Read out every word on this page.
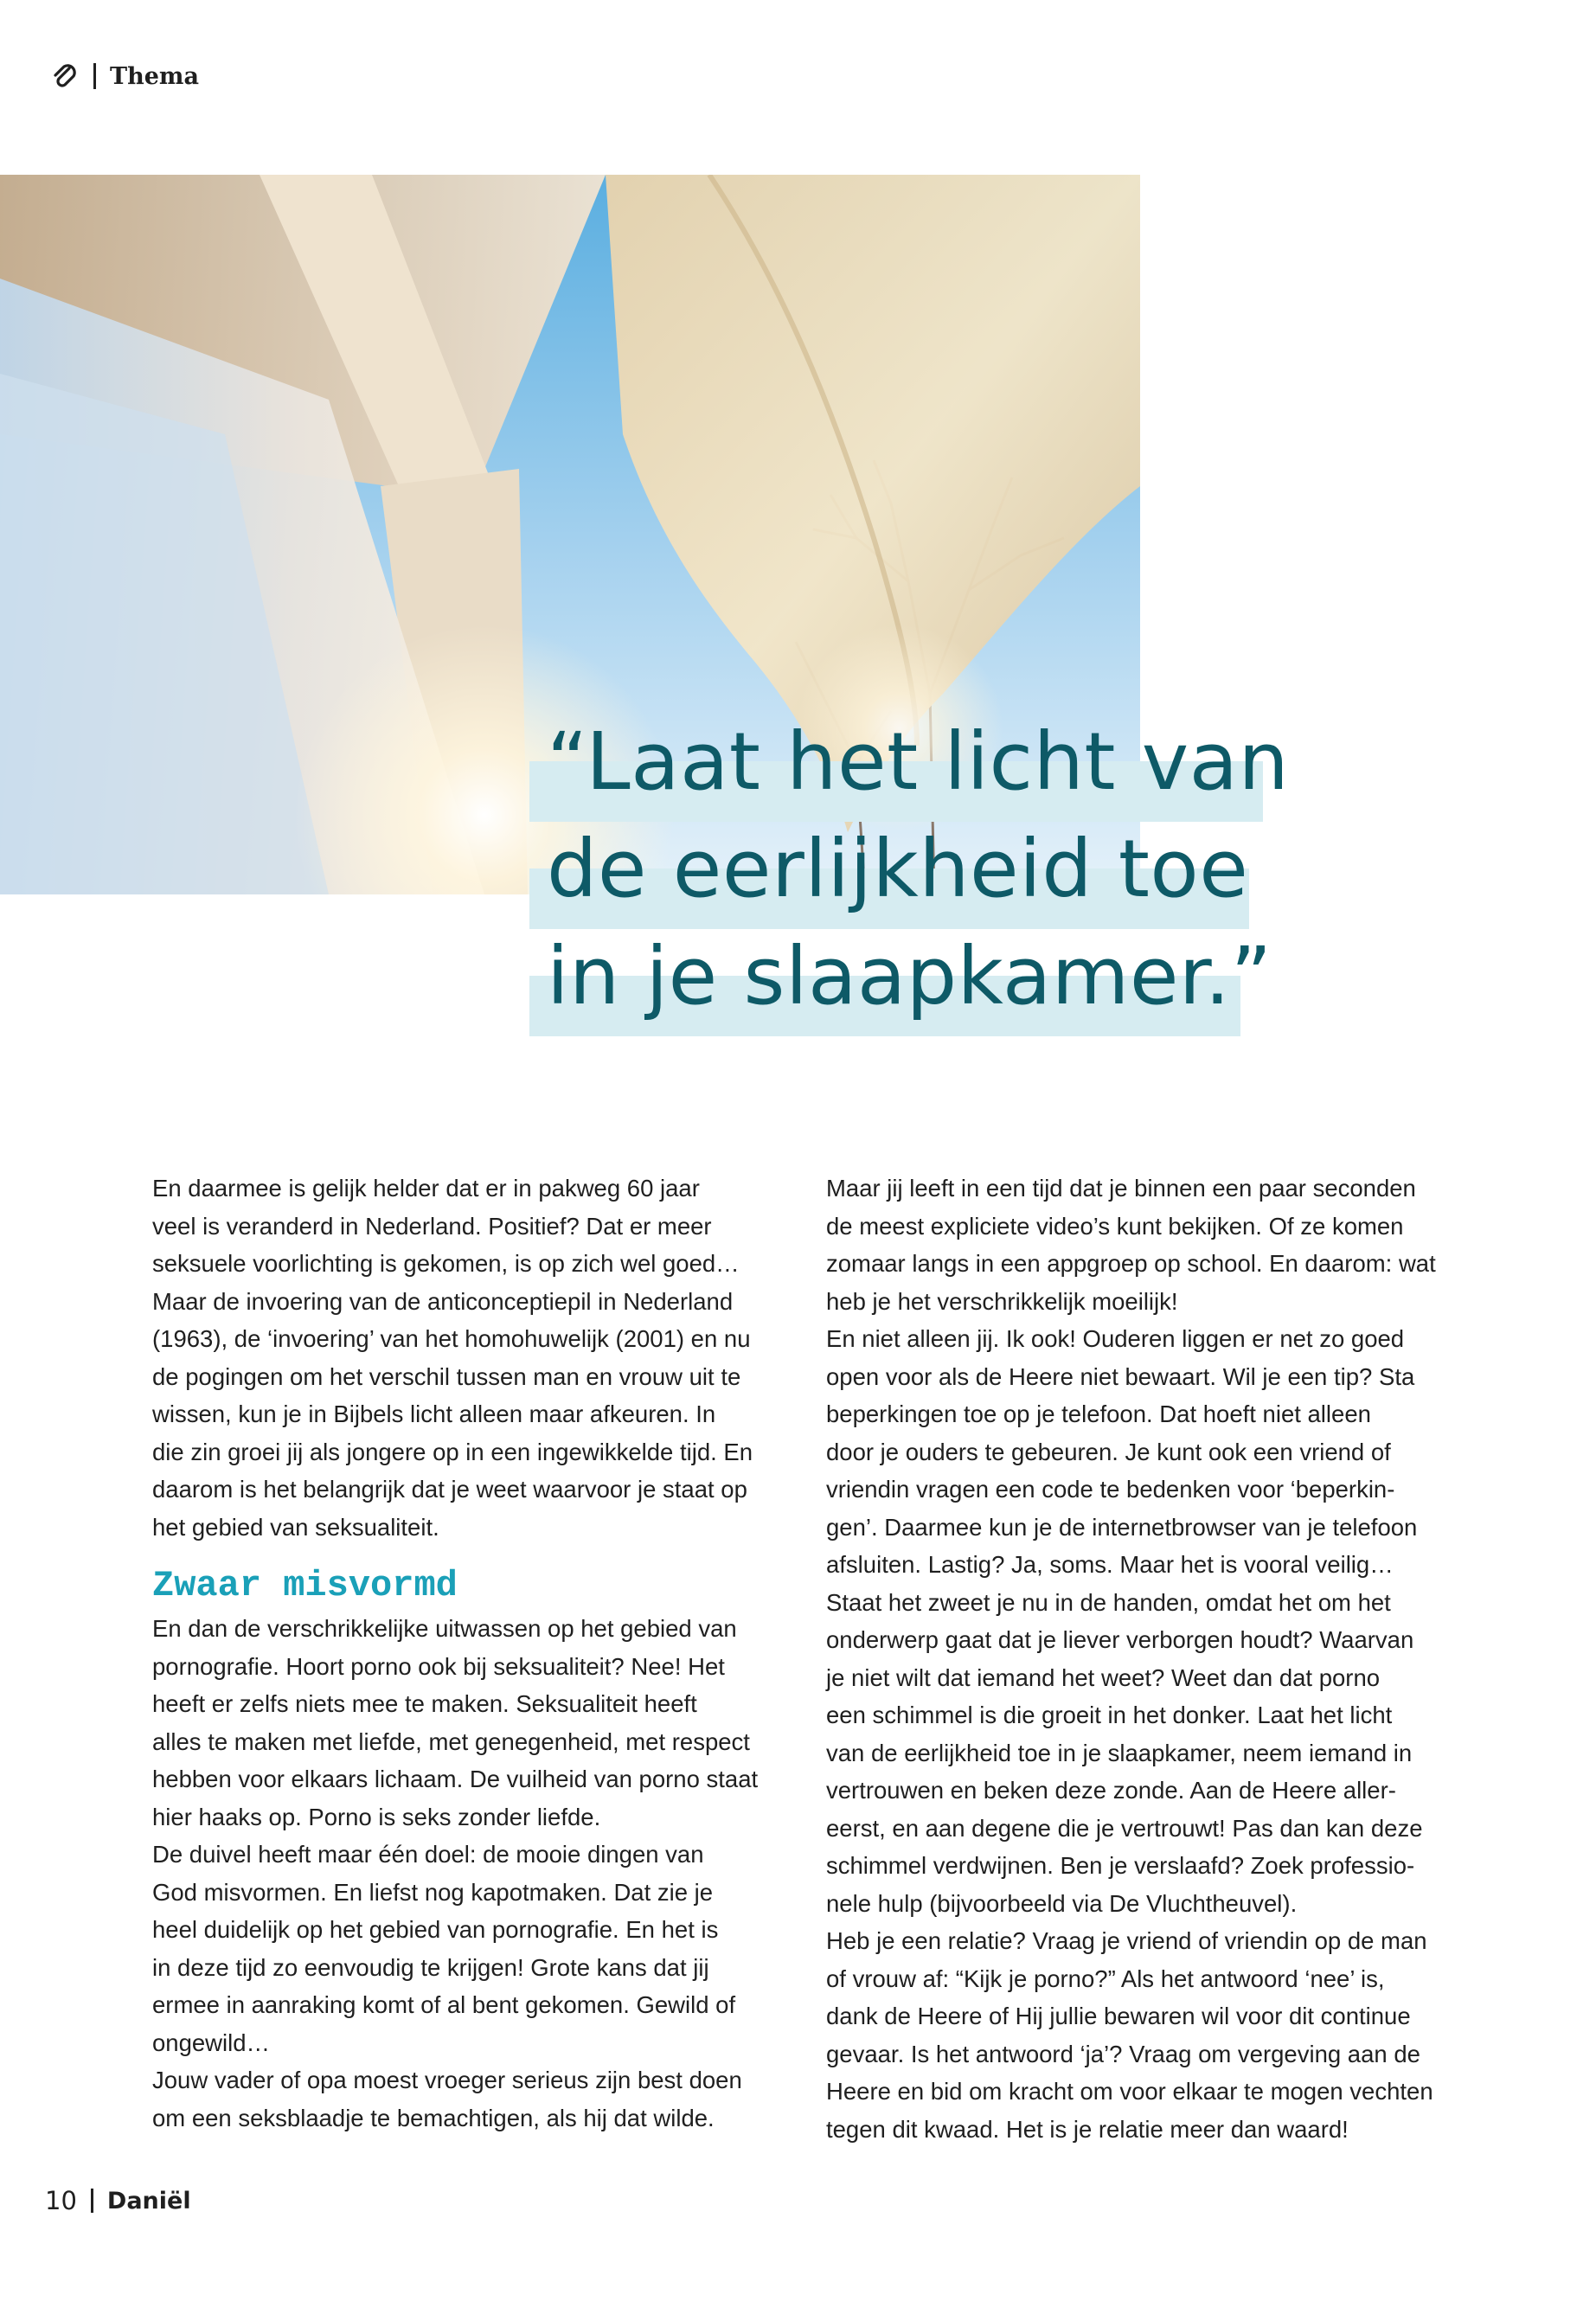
Thema
“Laat het licht van
de eerlijkheid toe
in je slaapkamer.”

En daarmee is gelijk helder dat er in pakweg 60 jaar

veel is veranderd in Nederland. Positief? Dat er meer

seksuele voorlichting is gekomen, is op zich wel goed…

Maar de invoering van de anticonceptiepil in Nederland

(1963), de ‘invoering’ van het homohuwelijk (2001) en nu

de pogingen om het verschil tussen man en vrouw uit te

wissen, kun je in Bijbels licht alleen maar afkeuren. In

die zin groei jij als jongere op in een ingewikkelde tijd. En

daarom is het belangrijk dat je weet waarvoor je staat op

het gebied van seksualiteit.

Zwaar misvormd

En dan de verschrikkelijke uitwassen op het gebied van

pornografie. Hoort porno ook bij seksualiteit? Nee! Het

heeft er zelfs niets mee te maken. Seksualiteit heeft

alles te maken met liefde, met genegenheid, met respect

hebben voor elkaars lichaam. De vuilheid van porno staat

hier haaks op. Porno is seks zonder liefde.

De duivel heeft maar één doel: de mooie dingen van

God misvormen. En liefst nog kapotmaken. Dat zie je

heel duidelijk op het gebied van pornografie. En het is

in deze tijd zo eenvoudig te krijgen! Grote kans dat jij

ermee in aanraking komt of al bent gekomen. Gewild of

ongewild…

Jouw vader of opa moest vroeger serieus zijn best doen

om een seksblaadje te bemachtigen, als hij dat wilde.

Maar jij leeft in een tijd dat je binnen een paar seconden

de meest expliciete video’s kunt bekijken. Of ze komen

zomaar langs in een appgroep op school. En daarom: wat

heb je het verschrikkelijk moeilijk!

En niet alleen jij. Ik ook! Ouderen liggen er net zo goed

open voor als de Heere niet bewaart. Wil je een tip? Sta

beperkingen toe op je telefoon. Dat hoeft niet alleen

door je ouders te gebeuren. Je kunt ook een vriend of

vriendin vragen een code te bedenken voor ‘beperkin-

gen’. Daarmee kun je de internetbrowser van je telefoon

afsluiten. Lastig? Ja, soms. Maar het is vooral veilig…

Staat het zweet je nu in de handen, omdat het om het

onderwerp gaat dat je liever verborgen houdt? Waarvan

je niet wilt dat iemand het weet? Weet dan dat porno

een schimmel is die groeit in het donker. Laat het licht

van de eerlijkheid toe in je slaapkamer, neem iemand in

vertrouwen en beken deze zonde. Aan de Heere aller-

eerst, en aan degene die je vertrouwt! Pas dan kan deze

schimmel verdwijnen. Ben je verslaafd? Zoek professio-

nele hulp (bijvoorbeeld via De Vluchtheuvel).

Heb je een relatie? Vraag je vriend of vriendin op de man

of vrouw af: “Kijk je porno?” Als het antwoord ‘nee’ is,

dank de Heere of Hij jullie bewaren wil voor dit continue

gevaar. Is het antwoord ‘ja’? Vraag om vergeving aan de

Heere en bid om kracht om voor elkaar te mogen vechten

tegen dit kwaad. Het is je relatie meer dan waard!

10 Daniël
